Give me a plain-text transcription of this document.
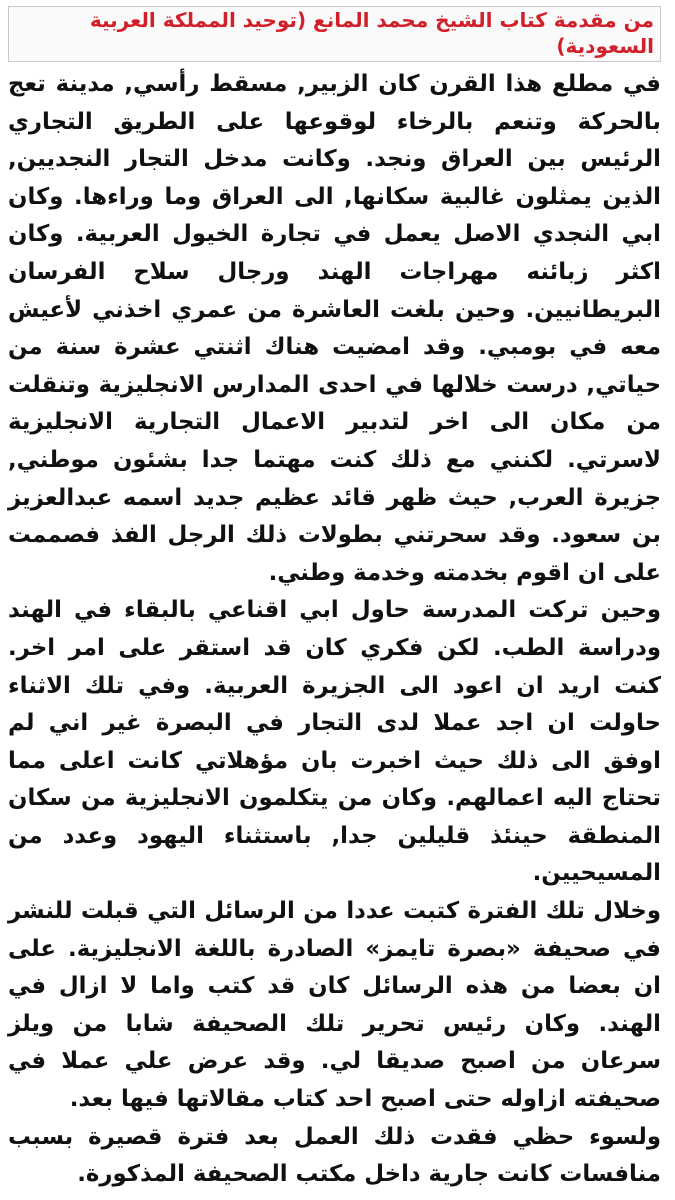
من مقدمة كتاب الشيخ محمد المانع (توحيد المملكة العربية السعودية)

في مطلع هذا القرن كان الزبير, مسقط رأسي, مدينة تعج بالحركة وتنعم بالرخاء لوقوعها على الطريق التجاري الرئيس بين العراق ونجد. وكانت مدخل التجار النجديين, الذين يمثلون غالبية سكانها, الى العراق وما وراءها. وكان ابي النجدي الاصل يعمل في تجارة الخيول العربية. وكان اكثر زبائنه مهراجات الهند ورجال سلاح الفرسان البريطانيين. وحين بلغت العاشرة من عمري اخذني لأعيش معه في بومبي. وقد امضيت هناك اثنتي عشرة سنة من حياتي, درست خلالها في احدى المدارس الانجليزية وتنقلت من مكان الى اخر لتدبير الاعمال التجارية الانجليزية لاسرتي. لكنني مع ذلك كنت مهتما جدا بشئون موطني, جزيرة العرب, حيث ظهر قائد عظيم جديد اسمه عبدالعزيز بن سعود. وقد سحرتني بطولات ذلك الرجل الفذ فصممت على ان اقوم بخدمته وخدمة وطني.

وحين تركت المدرسة حاول ابي اقناعي بالبقاء في الهند ودراسة الطب. لكن فكري كان قد استقر على امر اخر. كنت اريد ان اعود الى الجزيرة العربية. وفي تلك الاثناء حاولت ان اجد عملا لدى التجار في البصرة غير اني لم اوفق الى ذلك حيث اخبرت بان مؤهلاتي كانت اعلى مما تحتاج اليه اعمالهم. وكان من يتكلمون الانجليزية من سكان المنطقة حينئذ قليلين جدا, باستثناء اليهود وعدد من المسيحيين.

وخلال تلك الفترة كتبت عددا من الرسائل التي قبلت للنشر في صحيفة «بصرة تايمز» الصادرة باللغة الانجليزية. على ان بعضا من هذه الرسائل كان قد كتب واما لا ازال في الهند. وكان رئيس تحرير تلك الصحيفة شابا من ويلز سرعان من اصبح صديقا لي. وقد عرض علي عملا في صحيفته ازاوله حتى اصبح احد كتاب مقالاتها فيها بعد.

ولسوء حظي فقدت ذلك العمل بعد فترة قصيرة بسبب منافسات كانت جارية داخل مكتب الصحيفة المذكورة.
